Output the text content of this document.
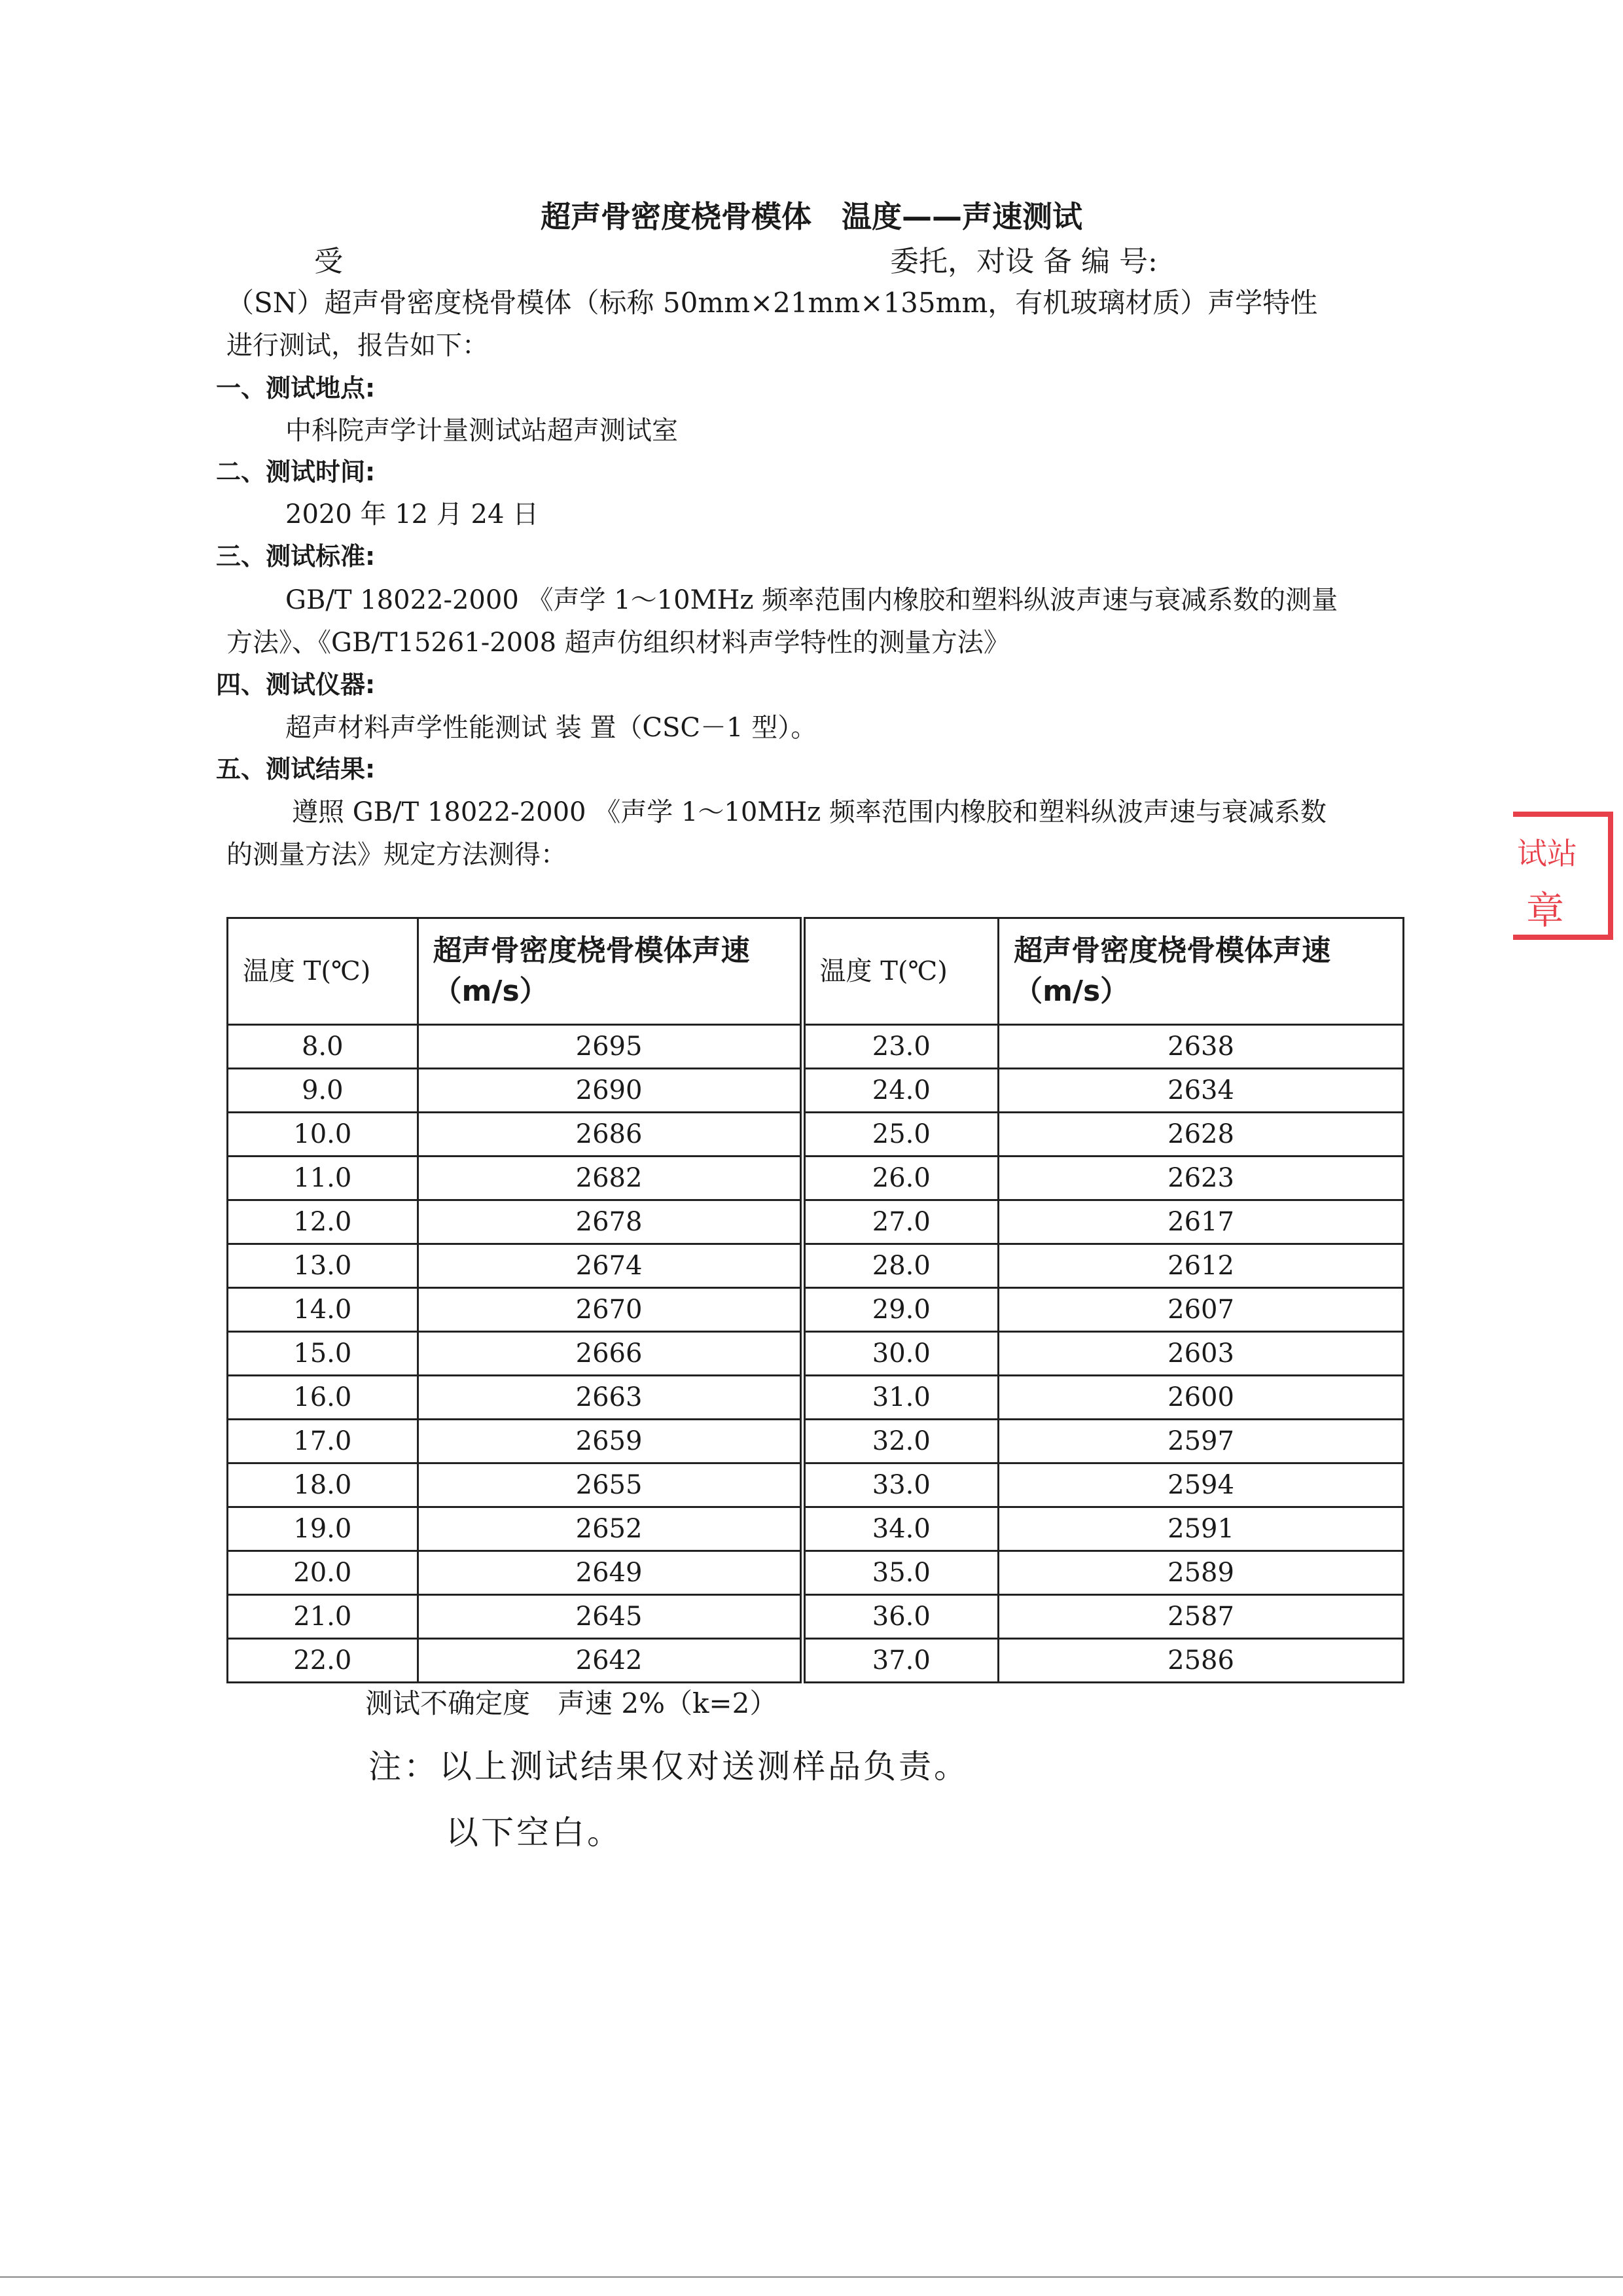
超声骨密度桡骨模体　温度——声速测试
受	委托，对设 备 编 号:
（SN）超声骨密度桡骨模体（标称 50mm×21mm×135mm，有机玻璃材质）声学特性
进行测试，报告如下：
一、测试地点:
中科院声学计量测试站超声测试室
二、测试时间:
2020 年 12 月 24 日
三、测试标准:
GB/T 18022-2000 《声学 1～10MHz 频率范围内橡胶和塑料纵波声速与衰减系数的测量
方法》、《GB/T15261-2008 超声仿组织材料声学特性的测量方法》
四、测试仪器:
超声材料声学性能测试 装 置（CSC－1 型）。
五、测试结果:
遵照 GB/T 18022-2000 《声学 1～10MHz 频率范围内橡胶和塑料纵波声速与衰减系数
的测量方法》规定方法测得：	试站
章
温度 T(℃)	超声骨密度桡骨模体声速（m/s）	温度 T(℃)	超声骨密度桡骨模体声速（m/s）
8.0	2695	23.0	2638
9.0	2690	24.0	2634
10.0	2686	25.0	2628
11.0	2682	26.0	2623
12.0	2678	27.0	2617
13.0	2674	28.0	2612
14.0	2670	29.0	2607
15.0	2666	30.0	2603
16.0	2663	31.0	2600
17.0	2659	32.0	2597
18.0	2655	33.0	2594
19.0	2652	34.0	2591
20.0	2649	35.0	2589
21.0	2645	36.0	2587
22.0	2642	37.0	2586
测试不确定度　声速 2%（k=2）
注：以上测试结果仅对送测样品负责。
以下空白。
